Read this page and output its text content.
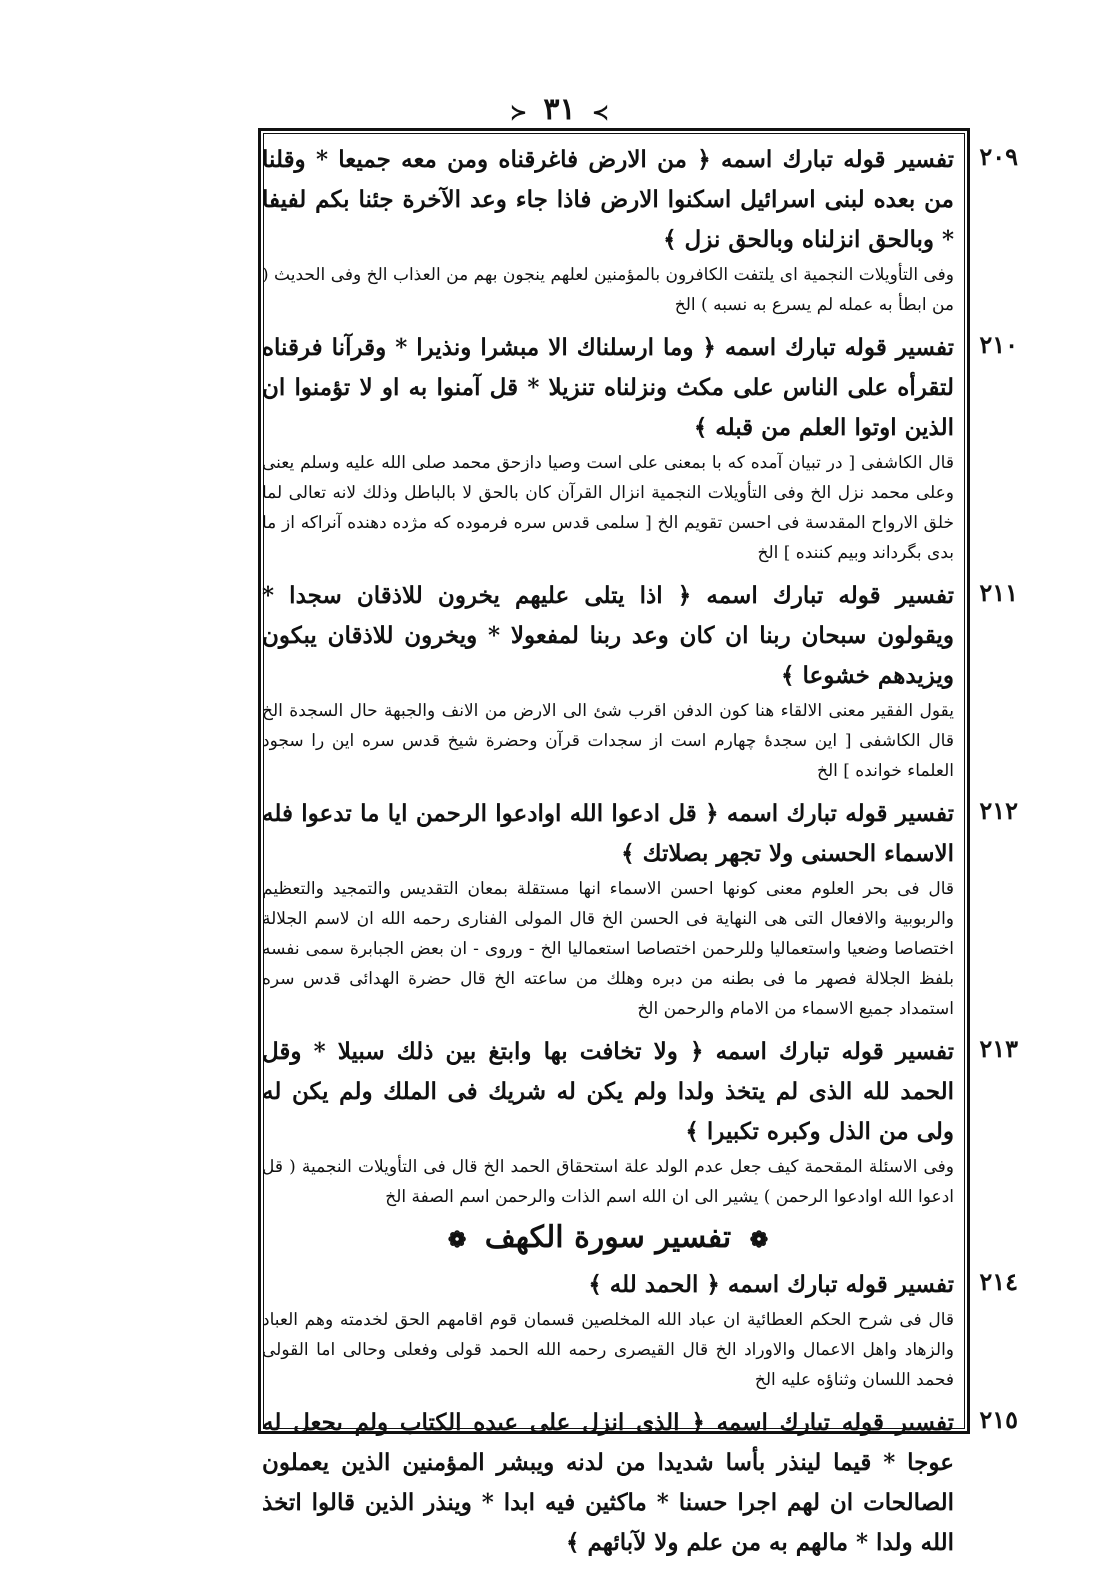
≻ ٣١ ≺
٢٠٩
تفسير قوله تبارك اسمه ﴿ من الارض فاغرقناه ومن معه جميعا * وقلنا من بعده لبنى اسرائيل اسكنوا الارض فاذا جاء وعد الآخرة جئنا بكم لفيفا * وبالحق انزلناه وبالحق نزل ﴾
وفى التأويلات النجمية اى يلتفت الكافرون بالمؤمنين لعلهم ينجون بهم من العذاب الخ وفى الحديث ( من ابطأ به عمله لم يسرع به نسبه ) الخ
٢١٠
تفسير قوله تبارك اسمه ﴿ وما ارسلناك الا مبشرا ونذيرا * وقرآنا فرقناه لتقرأه على الناس على مكث ونزلناه تنزيلا * قل آمنوا به او لا تؤمنوا ان الذين اوتوا العلم من قبله ﴾
قال الكاشفى [ در تبيان آمده كه با بمعنى على است وصيا دازحق محمد صلى الله عليه وسلم يعنى وعلى محمد نزل الخ وفى التأويلات النجمية انزال القرآن كان بالحق لا بالباطل وذلك لانه تعالى لما خلق الارواح المقدسة فى احسن تقويم الخ [ سلمى قدس سره فرموده كه مژده دهنده آنراكه از ما بدى بگرداند وبيم كننده ] الخ
٢١١
تفسير قوله تبارك اسمه ﴿ اذا يتلى عليهم يخرون للاذقان سجدا * ويقولون سبحان ربنا ان كان وعد ربنا لمفعولا * ويخرون للاذقان يبكون ويزيدهم خشوعا ﴾
يقول الفقير معنى الالقاء هنا كون الدفن اقرب شئ الى الارض من الانف والجبهة حال السجدة الخ قال الكاشفى [ اين سجدهٔ چهارم است از سجدات قرآن وحضرة شيخ قدس سره اين را سجود العلماء خوانده ] الخ
٢١٢
تفسير قوله تبارك اسمه ﴿ قل ادعوا الله اوادعوا الرحمن ايا ما تدعوا فله الاسماء الحسنى ولا تجهر بصلاتك ﴾
قال فى بحر العلوم معنى كونها احسن الاسماء انها مستقلة بمعان التقديس والتمجيد والتعظيم والربوبية والافعال التى هى النهاية فى الحسن الخ قال المولى الفنارى رحمه الله ان لاسم الجلالة اختصاصا وضعيا واستعماليا وللرحمن اختصاصا استعماليا الخ - وروى - ان بعض الجبابرة سمى نفسه بلفظ الجلالة فصهر ما فى بطنه من دبره وهلك من ساعته الخ قال حضرة الهدائى قدس سره استمداد جميع الاسماء من الامام والرحمن الخ
٢١٣
تفسير قوله تبارك اسمه ﴿ ولا تخافت بها وابتغ بين ذلك سبيلا * وقل الحمد لله الذى لم يتخذ ولدا ولم يكن له شريك فى الملك ولم يكن له ولى من الذل وكبره تكبيرا ﴾
وفى الاسئلة المقحمة كيف جعل عدم الولد علة استحقاق الحمد الخ قال فى التأويلات النجمية ( قل ادعوا الله اوادعوا الرحمن ) يشير الى ان الله اسم الذات والرحمن اسم الصفة الخ
❁ تفسير سورة الكهف ❁
٢١٤
تفسير قوله تبارك اسمه ﴿ الحمد لله ﴾
قال فى شرح الحكم العطائية ان عباد الله المخلصين قسمان قوم اقامهم الحق لخدمته وهم العباد والزهاد واهل الاعمال والاوراد الخ قال القيصرى رحمه الله الحمد قولى وفعلى وحالى اما القولى فحمد اللسان وثناؤه عليه الخ
٢١٥
تفسير قوله تبارك اسمه ﴿ الذى انزل على عبده الكتاب ولم يجعل له عوجا * قيما لينذر بأسا شديدا من لدنه ويبشر المؤمنين الذين يعملون الصالحات ان لهم اجرا حسنا * ماكثين فيه ابدا * وينذر الذين قالوا اتخذ الله ولدا * مالهم به من علم ولا لآبائهم ﴾
